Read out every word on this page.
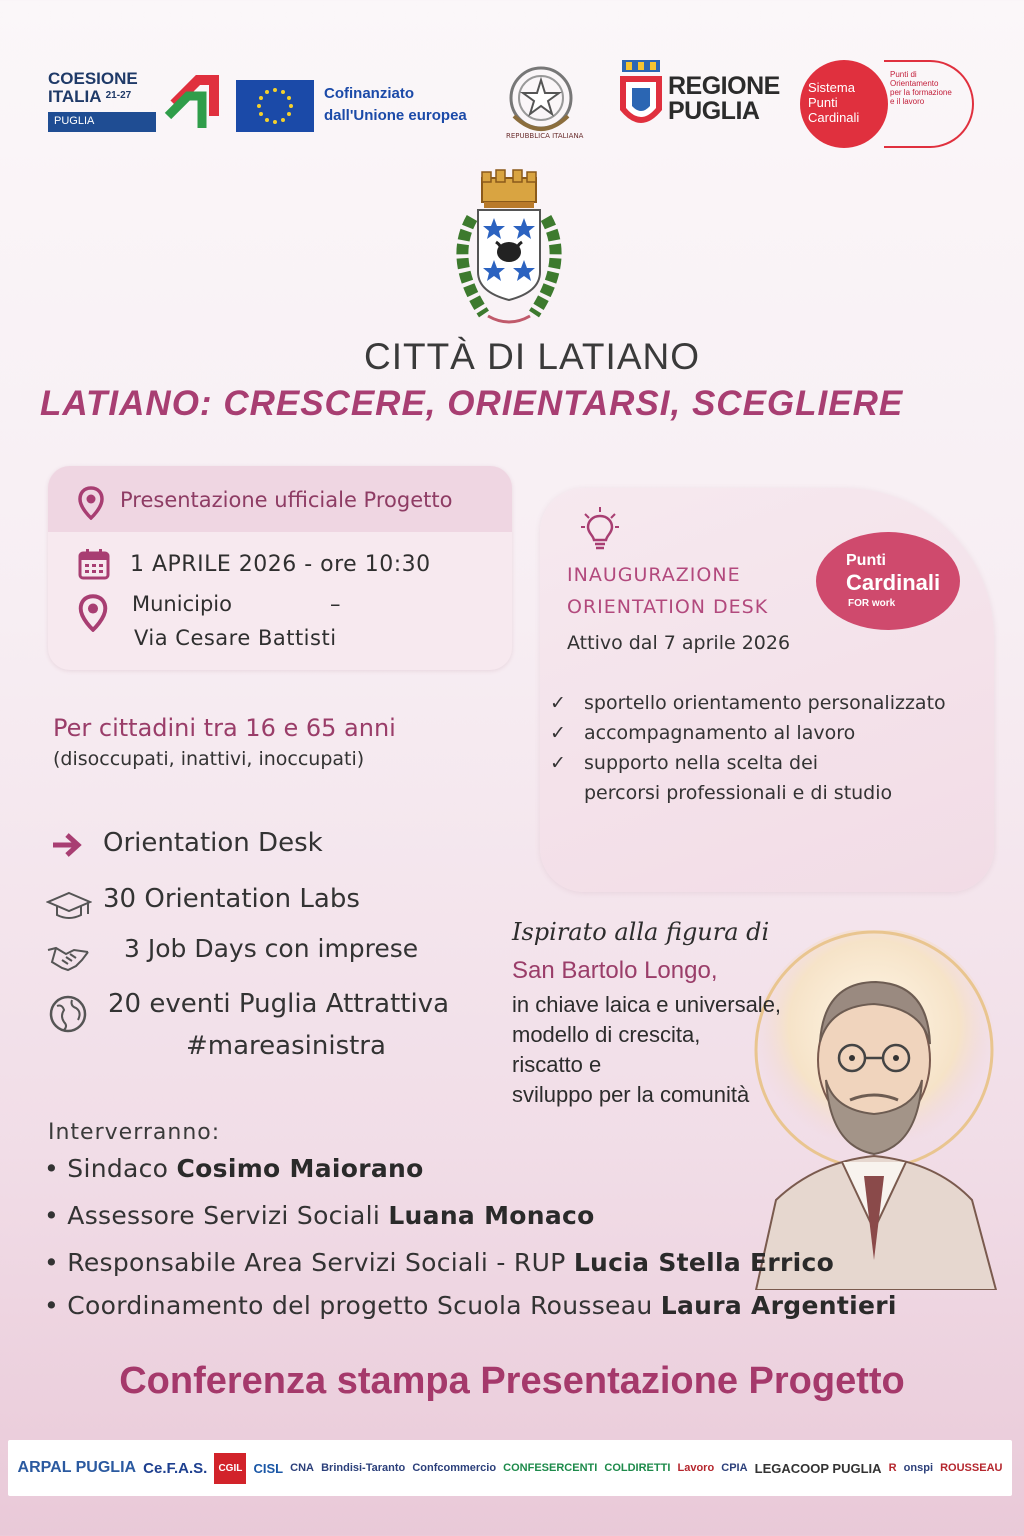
COESIONE
ITALIA $^{21-27}$
PUGLIA
Cofinanziato
dall'Unione europea
REPUBBLICA ITALIANA
REGIONE
PUGLIA
Sistema
Punti
Cardinali
Punti di
Orientamento
per la formazione
e il lavoro
CITTÀ DI LATIANO
LATIANO: CRESCERE, ORIENTARSI, SCEGLIERE
Presentazione ufficiale Progetto
1 APRILE 2026 - ore 10:30
Municipio	–
Via Cesare Battisti
INAUGURAZIONE
ORIENTATION DESK
Attivo dal 7 aprile 2026
Punti
Cardinali
FOR work
✓ sportello orientamento personalizzato
✓ accompagnamento al lavoro
✓ supporto nella scelta dei
percorsi professionali e di studio
Per cittadini tra 16 e 65 anni
(disoccupati, inattivi, inoccupati)
Orientation Desk
30 Orientation Labs
3 Job Days con imprese
20 eventi Puglia Attrattiva
#mareasinistra
Ispirato alla figura di
San Bartolo Longo,
in chiave laica e universale,
modello di crescita,
riscatto e
sviluppo per la comunità
Interverranno:
• Sindaco Cosimo Maiorano
• Assessore Servizi Sociali Luana Monaco
• Responsabile Area Servizi Sociali - RUP Lucia Stella Errico
• Coordinamento del progetto Scuola Rousseau Laura Argentieri
Conferenza stampa Presentazione Progetto
ARPAL PUGLIA Ce.F.A.S.	CGIL CISL CNA Brindisi-Taranto Confcommercio CONFESERCENTI COLDIRETTI Lavoro CPIA LEGACOOP PUGLIA R onspi ROUSSEAU
